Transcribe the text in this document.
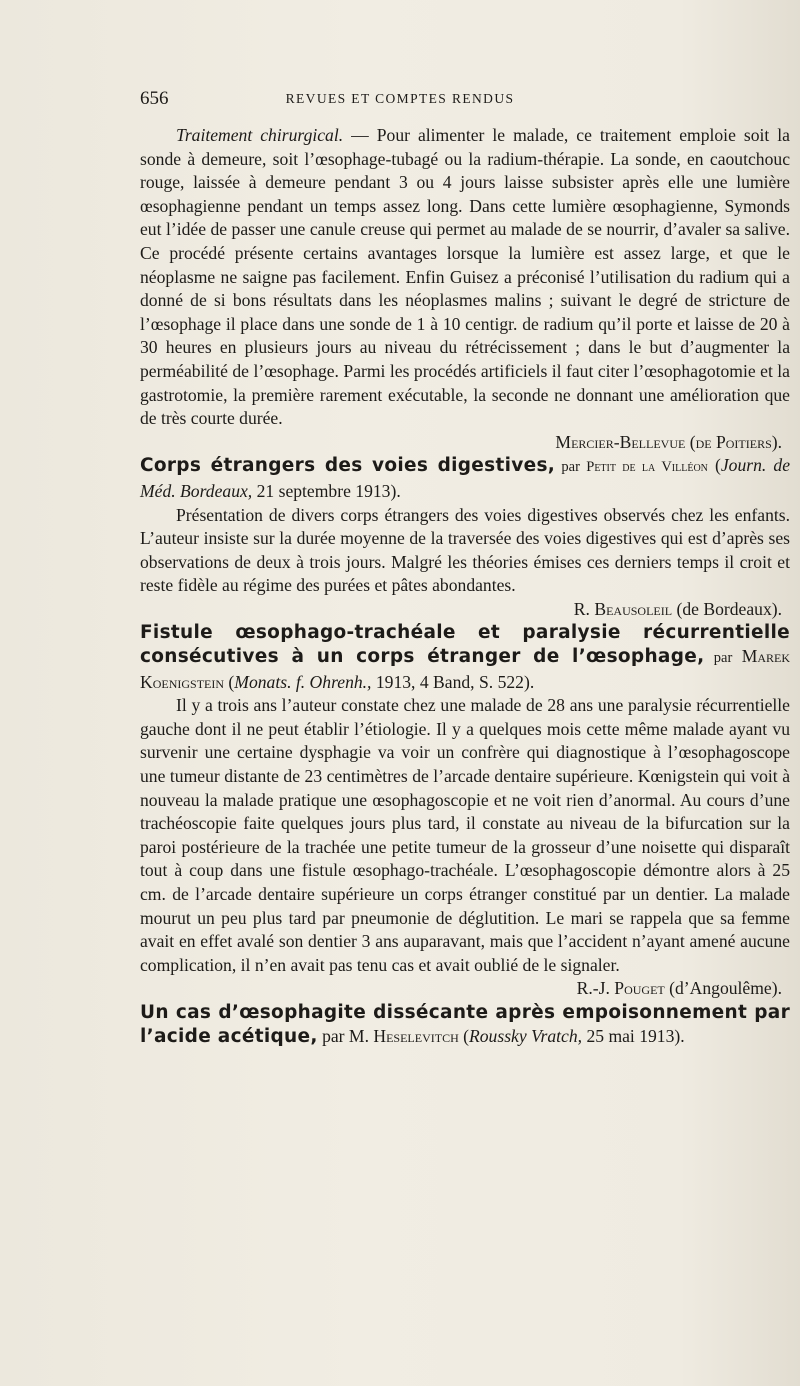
656	REVUES ET COMPTES RENDUS

Traitement chirurgical. — Pour alimenter le malade, ce traitement emploie soit la sonde à demeure, soit l’œsophage-tubagé ou la radium-thérapie. La sonde, en caoutchouc rouge, laissée à demeure pendant 3 ou 4 jours laisse subsister après elle une lumière œsophagienne pendant un temps assez long. Dans cette lumière œsophagienne, Symonds eut l’idée de passer une canule creuse qui permet au malade de se nourrir, d’avaler sa salive. Ce procédé présente certains avantages lorsque la lumière est assez large, et que le néoplasme ne saigne pas facilement. Enfin Guisez a préconisé l’utilisation du radium qui a donné de si bons résultats dans les néoplasmes malins ; suivant le degré de stricture de l’œsophage il place dans une sonde de 1 à 10 centigr. de radium qu’il porte et laisse de 20 à 30 heures en plusieurs jours au niveau du rétrécissement ; dans le but d’augmenter la perméabilité de l’œsophage. Parmi les procédés artificiels il faut citer l’œsophagotomie et la gastrotomie, la première rarement exécutable, la seconde ne donnant une amélioration que de très courte durée.

Mercier-Bellevue (de Poitiers).

Corps étrangers des voies digestives, par Petit de la Villéon (Journ. de Méd. Bordeaux, 21 septembre 1913).

Présentation de divers corps étrangers des voies digestives observés chez les enfants. L’auteur insiste sur la durée moyenne de la traversée des voies digestives qui est d’après ses observations de deux à trois jours. Malgré les théories émises ces derniers temps il croit et reste fidèle au régime des purées et pâtes abondantes.

R. Beausoleil (de Bordeaux).

Fistule œsophago-trachéale et paralysie récurrentielle consécutives à un corps étranger de l’œsophage, par Marek Koenigstein (Monats. f. Ohrenh., 1913, 4 Band, S. 522).

Il y a trois ans l’auteur constate chez une malade de 28 ans une paralysie récurrentielle gauche dont il ne peut établir l’étiologie. Il y a quelques mois cette même malade ayant vu survenir une certaine dysphagie va voir un confrère qui diagnostique à l’œsophagoscope une tumeur distante de 23 centimètres de l’arcade dentaire supérieure. Kœnigstein qui voit à nouveau la malade pratique une œsophagoscopie et ne voit rien d’anormal. Au cours d’une trachéoscopie faite quelques jours plus tard, il constate au niveau de la bifurcation sur la paroi postérieure de la trachée une petite tumeur de la grosseur d’une noisette qui disparaît tout à coup dans une fistule œsophago-trachéale. L’œsophagoscopie démontre alors à 25 cm. de l’arcade dentaire supérieure un corps étranger constitué par un dentier. La malade mourut un peu plus tard par pneumonie de déglutition. Le mari se rappela que sa femme avait en effet avalé son dentier 3 ans auparavant, mais que l’accident n’ayant amené aucune complication, il n’en avait pas tenu cas et avait oublié de le signaler.

R.-J. Pouget (d’Angoulême).

Un cas d’œsophagite dissécante après empoisonnement par l’acide acétique, par M. Heselevitch (Roussky Vratch, 25 mai 1913).
